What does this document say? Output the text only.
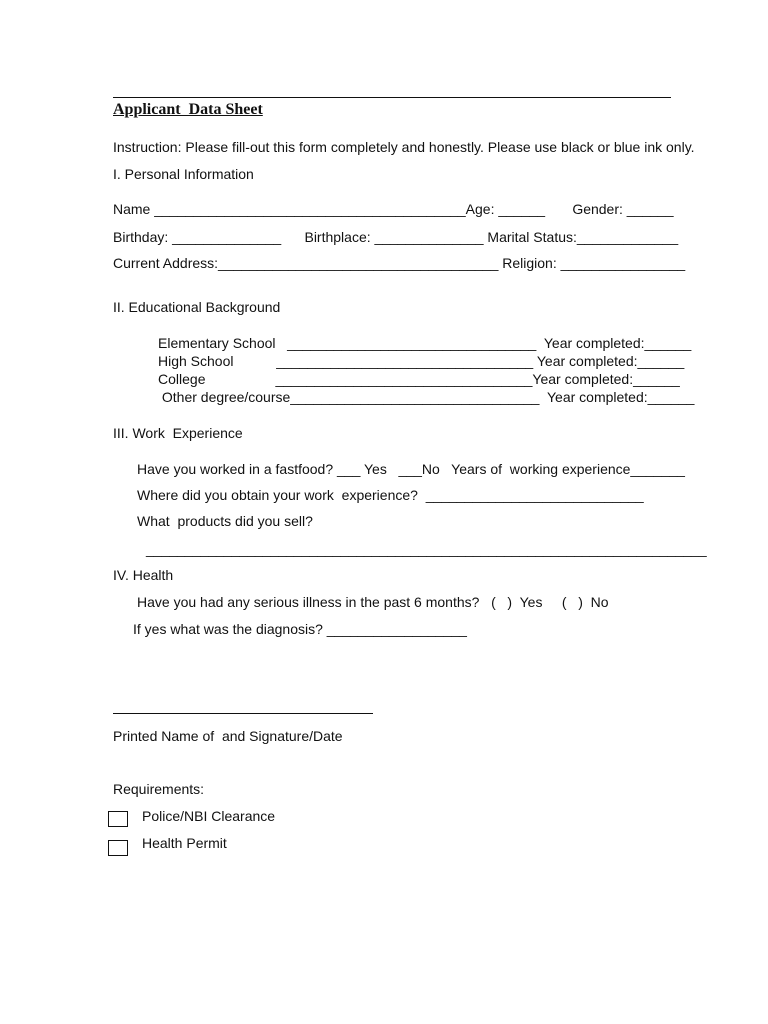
Applicant  Data Sheet
Instruction: Please fill-out this form completely and honestly. Please use black or blue ink only.
I. Personal Information
Name ________________________________________Age: ______       Gender: ______
Birthday: ______________      Birthplace: ______________ Marital Status:_____________
Current Address:____________________________________ Religion: ________________
II. Educational Background
Elementary School   ________________________________  Year completed:______
High School           _________________________________ Year completed:______
College                  _________________________________Year completed:______
Other degree/course________________________________  Year completed:______
III. Work  Experience
Have you worked in a fastfood? ___ Yes   ___No   Years of  working experience_______
Where did you obtain your work  experience?  ____________________________
What  products did you sell?
________________________________________________________________________
IV. Health
Have you had any serious illness in the past 6 months?   (   )  Yes     (   )  No
If yes what was the diagnosis? __________________
Printed Name of  and Signature/Date
Requirements:
Police/NBI Clearance
Health Permit
